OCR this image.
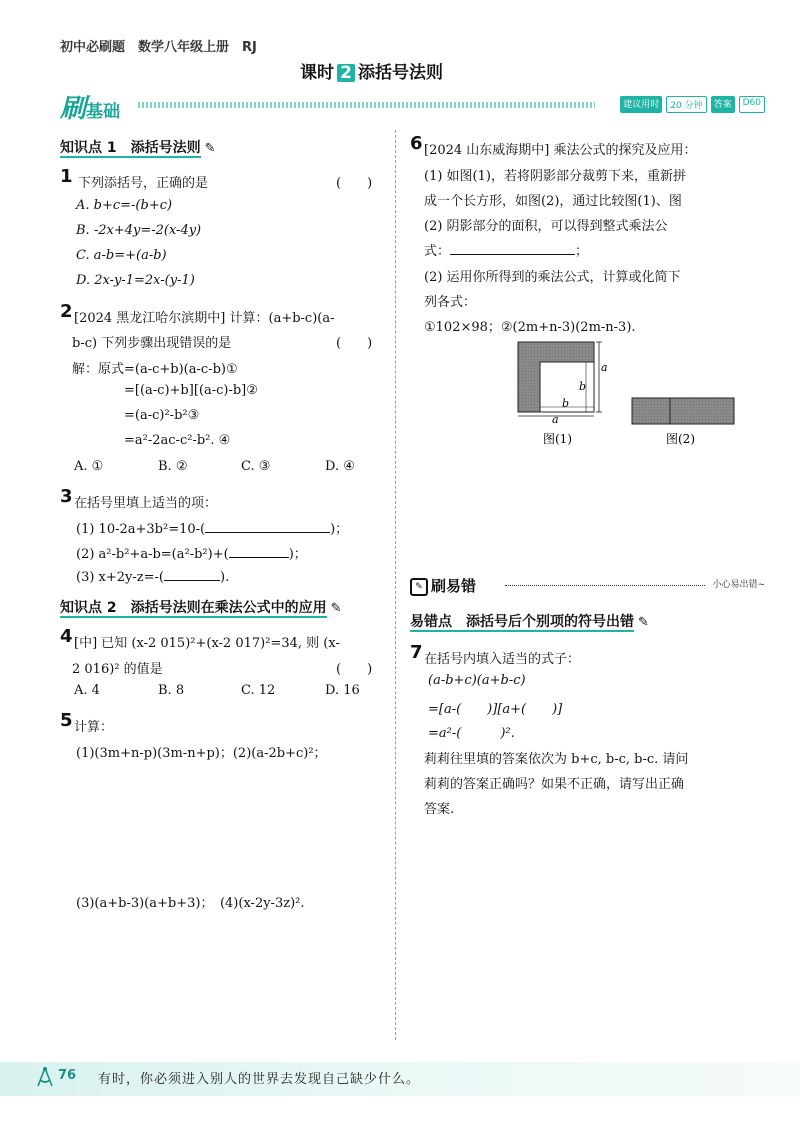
初中必刷题　数学八年级上册　RJ
课时 2 添括号法则
刷基础	建议用时	20 分钟	答案	D60
知识点 1　添括号法则 ✎
1 下列添括号，正确的是	(　　)
A. b+c=-(b+c)
B. -2x+4y=-2(x-4y)
C. a-b=+(a-b)
D. 2x-y-1=2x-(y-1)
2 [2024 黑龙江哈尔滨期中] 计算：(a+b-c)(a-
b-c) 下列步骤出现错误的是	(　　)
解：原式=(a-c+b)(a-c-b)①
=[(a-c)+b][(a-c)-b]②
=(a-c)²-b²③
=a²-2ac-c²-b². ④
A. ①	B. ②	C. ③	D. ④
3 在括号里填上适当的项：
(1) 10-2a+3b²=10-(	)；
(2) a²-b²+a-b=(a²-b²)+(	)；
(3) x+2y-z=-(	).
知识点 2　添括号法则在乘法公式中的应用 ✎
4 [中] 已知 (x-2 015)²+(x-2 017)²=34, 则 (x-
2 016)² 的值是	(　　)
A. 4	B. 8	C. 12	D. 16
5 计算：
(1)(3m+n-p)(3m-n+p)；(2)(a-2b+c)²；
(3)(a+b-3)(a+b+3)；　(4)(x-2y-3z)².
6 [2024 山东威海期中] 乘法公式的探究及应用：
(1) 如图(1)，若将阴影部分裁剪下来，重新拼
成一个长方形，如图(2)，通过比较图(1)、图
(2) 阴影部分的面积，可以得到整式乘法公
式：	；
(2) 运用你所得到的乘法公式，计算或化简下
列各式：
①102×98；②(2m+n-3)(2m-n-3).
a
b
b
a
图(1)	图(2)
✎ 刷易错	小心易出错~
易错点　添括号后个别项的符号出错 ✎
7 在括号内填入适当的式子：
(a-b+c)(a+b-c)
=[a-(　　)][a+(　　)]
=a²-(　　　)².
莉莉往里填的答案依次为 b+c, b-c, b-c. 请问
莉莉的答案正确吗？如果不正确，请写出正确
答案.
76 有时，你必须进入别人的世界去发现自己缺少什么。
